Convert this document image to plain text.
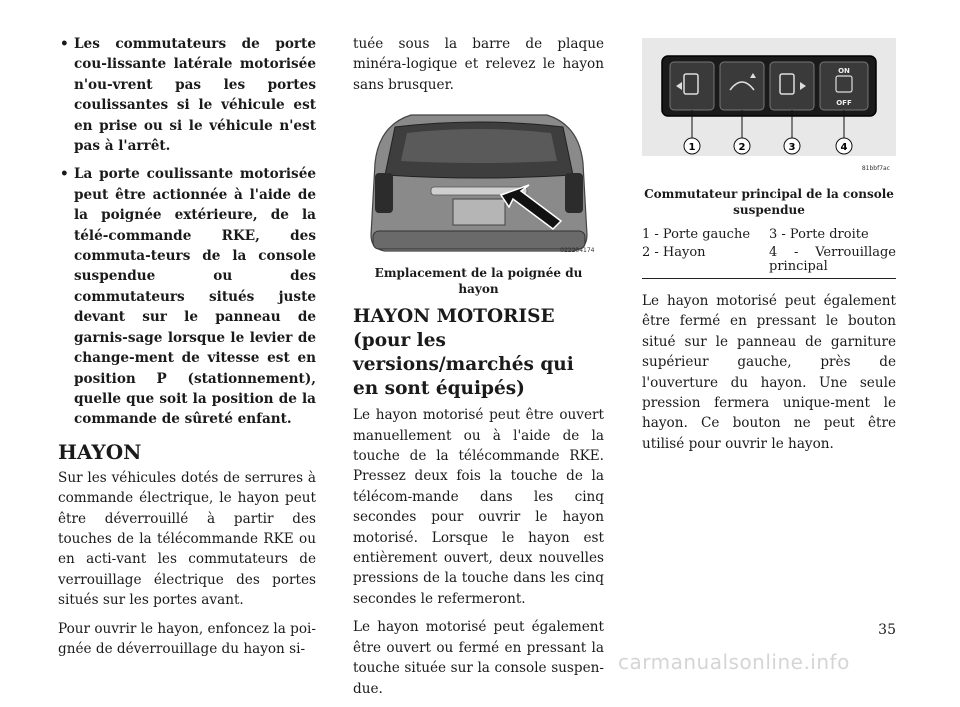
• Les commutateurs de porte cou-lissante latérale motorisée n'ou-vrent pas les portes coulissantes si le véhicule est en prise ou si le véhicule n'est pas à l'arrêt.
• La porte coulissante motorisée peut être actionnée à l'aide de la poignée extérieure, de la télé-commande RKE, des commuta-teurs de la console suspendue ou des commutateurs situés juste devant sur le panneau de garnis-sage lorsque le levier de change-ment de vitesse est en position P (stationnement), quelle que soit la position de la commande de sûreté enfant.
HAYON

Sur les véhicules dotés de serrures à commande électrique, le hayon peut être déverrouillé à partir des touches de la télécommande RKE ou en acti-vant les commutateurs de verrouillage électrique des portes situés sur les portes avant.

Pour ouvrir le hayon, enfoncez la poi-gnée de déverrouillage du hayon si-

tuée sous la barre de plaque minéra-logique et relevez le hayon sans brusquer.

022234174
Emplacement de la poignée du hayon
HAYON MOTORISE (pour les versions/marchés qui en sont équipés)

Le hayon motorisé peut être ouvert manuellement ou à l'aide de la touche de la télécommande RKE. Pressez deux fois la touche de la télécom-mande dans les cinq secondes pour ouvrir le hayon motorisé. Lorsque le hayon est entièrement ouvert, deux nouvelles pressions de la touche dans les cinq secondes le refermeront.

Le hayon motorisé peut également être ouvert ou fermé en pressant la touche située sur la console suspen-due.

ON
OFF
1	2	3	4
81bbf7ac
Commutateur principal de la console suspendue
1 - Porte gauche	3 - Porte droite
2 - Hayon	4 - Verrouillage principal

Le hayon motorisé peut également être fermé en pressant le bouton situé sur le panneau de garniture supérieur gauche, près de l'ouverture du hayon. Une seule pression fermera unique-ment le hayon. Ce bouton ne peut être utilisé pour ouvrir le hayon.

35
carmanualsonline.info
